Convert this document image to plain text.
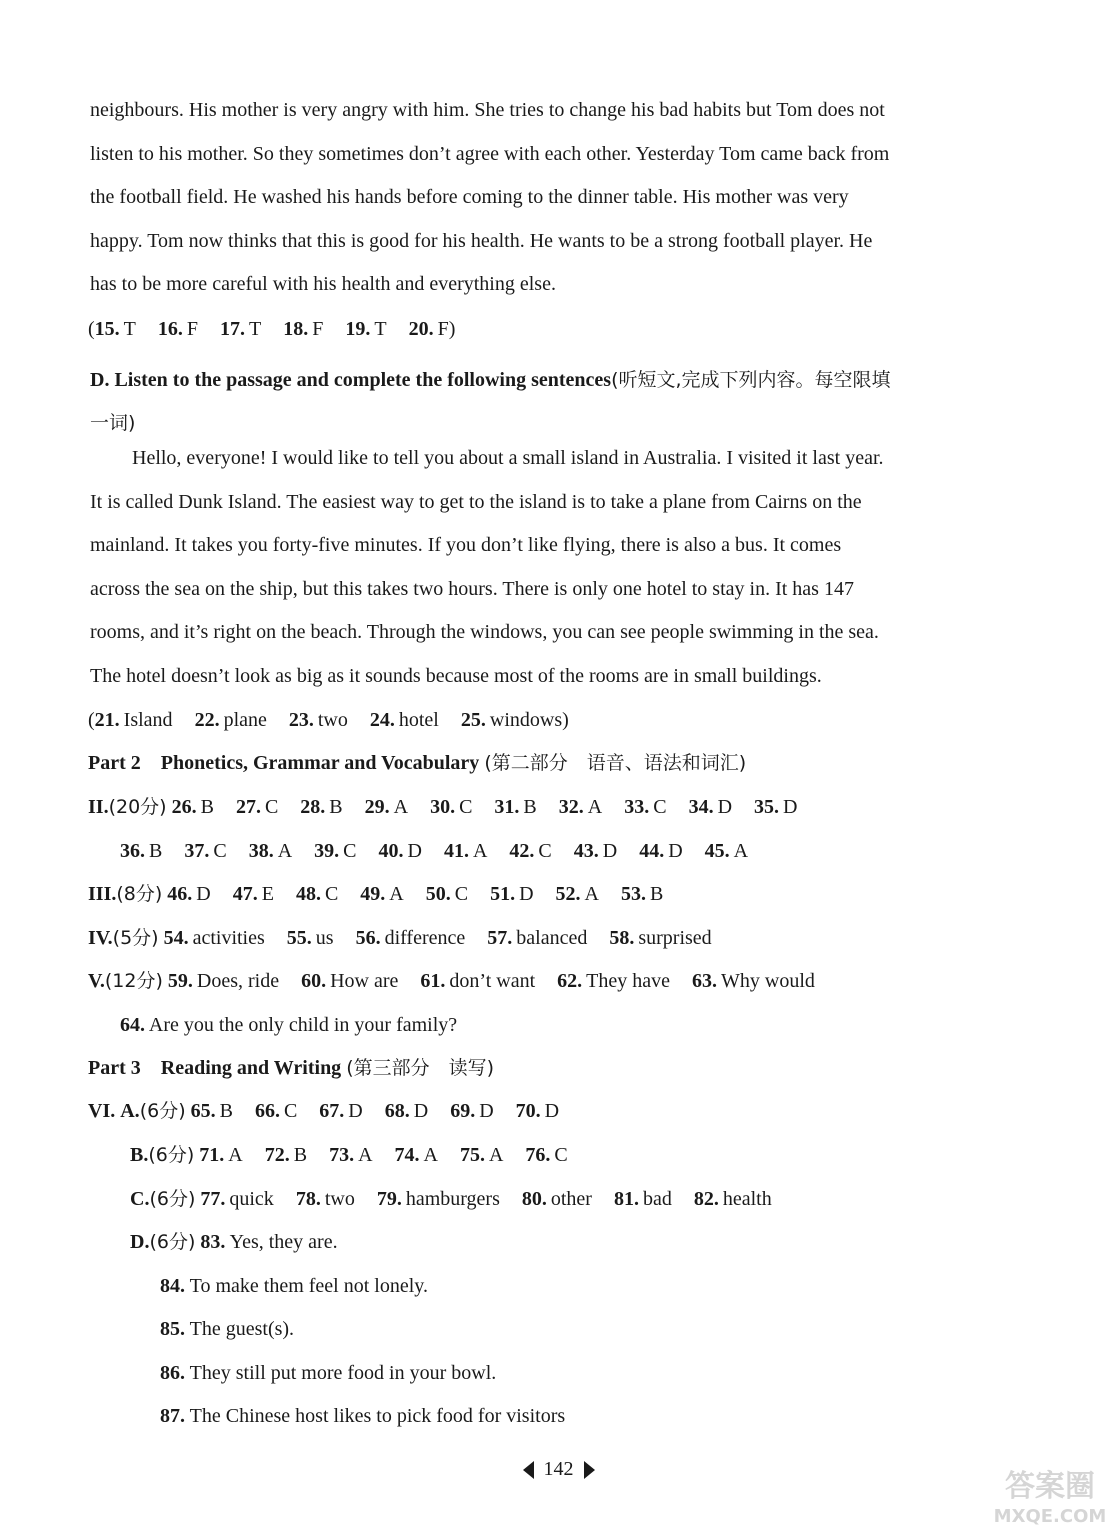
neighbours. His mother is very angry with him. She tries to change his bad habits but Tom does not
listen to his mother. So they sometimes don’t agree with each other. Yesterday Tom came back from
the football field. He washed his hands before coming to the dinner table. His mother was very
happy. Tom now thinks that this is good for his health. He wants to be a strong football player. He
has to be more careful with his health and everything else.
(15. T 16. F 17. T 18. F 19. T 20. F)
D. Listen to the passage and complete the following sentences(听短文,完成下列内容。每空限填
一词)
Hello, everyone! I would like to tell you about a small island in Australia. I visited it last year.
It is called Dunk Island. The easiest way to get to the island is to take a plane from Cairns on the
mainland. It takes you forty-five minutes. If you don’t like flying, there is also a bus. It comes
across the sea on the ship, but this takes two hours. There is only one hotel to stay in. It has 147
rooms, and it’s right on the beach. Through the windows, you can see people swimming in the sea.
The hotel doesn’t look as big as it sounds because most of the rooms are in small buildings.
(21. Island 22. plane 23. two 24. hotel 25. windows)
Part 2 Phonetics, Grammar and Vocabulary (第二部分　语音、语法和词汇)
II.(20分) 26. B 27. C 28. B 29. A 30. C 31. B 32. A 33. C 34. D 35. D
36. B 37. C 38. A 39. C 40. D 41. A 42. C 43. D 44. D 45. A
III.(8分) 46. D 47. E 48. C 49. A 50. C 51. D 52. A 53. B
IV.(5分) 54. activities 55. us 56. difference 57. balanced 58. surprised
V.(12分) 59. Does, ride 60. How are 61. don’t want 62. They have 63. Why would
64. Are you the only child in your family?
Part 3 Reading and Writing (第三部分　读写)
VI. A.(6分) 65. B 66. C 67. D 68. D 69. D 70. D
B.(6分) 71. A 72. B 73. A 74. A 75. A 76. C
C.(6分) 77. quick 78. two 79. hamburgers 80. other 81. bad 82. health
D.(6分) 83. Yes, they are.
84. To make them feel not lonely.
85. The guest(s).
86. They still put more food in your bowl.
87. The Chinese host likes to pick food for visitors
142	答案圈
MXQE.COM
